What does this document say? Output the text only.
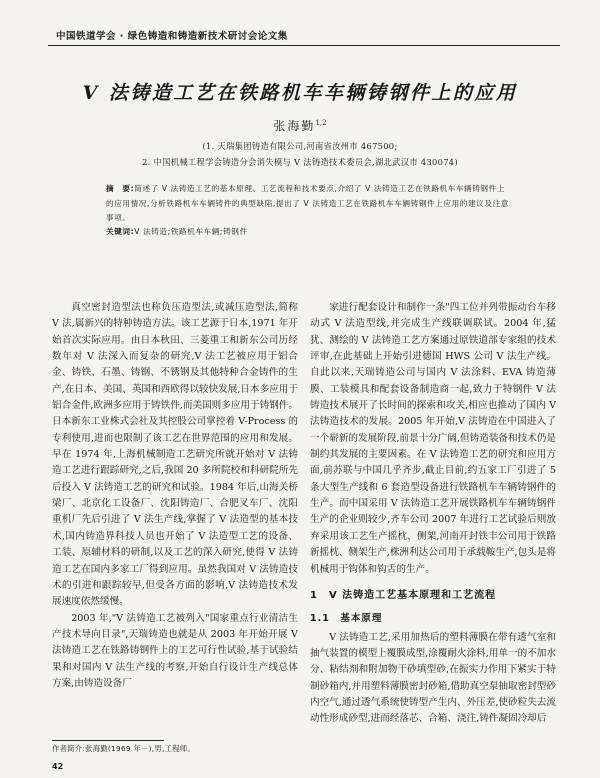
中国铁道学会 · 绿色铸造和铸造新技术研讨会论文集
V 法铸造工艺在铁路机车车辆铸钢件上的应用
张海勤$^{1,2}$
(1. 天瑞集团铸造有限公司,河南省汝州市 467500;
2. 中国机械工程学会铸造分会消失模与 V 法铸造技术委员会,湖北武汉市 430074)
摘　要:简述了 V 法铸造工艺的基本原理、工艺流程和技术要点,介绍了 V 法铸造工艺在铁路机车车辆铸钢件上的应用情况,分析铁路机车车辆铸件的典型缺陷,提出了 V 法铸造工艺在铁路机车车辆铸钢件上应用的建议及注意事项。
关键词:V 法铸造;铁路机车车辆;铸钢件

真空密封造型法也称负压造型法,或减压造型法,简称 V 法,属新兴的特种铸造方法。该工艺源于日本,1971 年开始首次实际应用。由日本秋田、三菱重工和新东公司历经数年对 V 法深入而复杂的研究,V 法工艺被应用于铝合金、铸铁、石墨、铸钢、不锈钢及其他特种合金铸件的生产,在日本、美国、英国和西欧得以较快发展,日本多应用于铝合金件,欧洲多应用于铸铁件,而美国则多应用于铸钢件。日本新东工业株式会社及其控股公司掌控着 V-Process 的专利使用,进而也限制了该工艺在世界范围的应用和发展。早在 1974 年,上海机械制造工艺研究所就开始对 V 法铸造工艺进行跟踪研究,之后,我国 20 多所院校和科研院所先后投入 V 法铸造工艺的研究和试验。1984 年后,山海关桥梁厂、北京化工设备厂、沈阳铸造厂、合肥叉车厂、沈阳重机厂先后引进了 V 法生产线,掌握了 V 法造型的基本技术,国内铸造界科技人员也开始了 V 法造型工艺的设备、工装、原辅材料的研制,以及工艺的深入研究,使得 V 法铸造工艺在国内多家工厂得到应用。虽然我国对 V 法铸造技术的引进和跟踪较早,但受各方面的影响,V 法铸造技术发展速度依然缓慢。

2003 年,"V 法铸造工艺被列入"国家重点行业清洁生产技术导向目录",天瑞铸造也就是从 2003 年开始开展 V 法铸造工艺在铁路铸钢件上的工艺可行性试验,基于试验结果和对国内 V 法生产线的考察,开始自行设计生产线总体方案,由铸造设备厂

家进行配套设计和制作一条"四工位并列带振动台车移动式 V 法造型线,并完成生产线联调联试。2004 年,猛犹、测绘的 V 法铸造工艺方案通过原铁道部专家组的技术评审,在此基础上开始引进德国 HWS 公司 V 法生产线。自此以来,天瑞铸造公司与国内 V 法涂料、EVA 铸造薄膜、工装模具和配套设备制造商一起,致力于特钢件 V 法铸造技术展开了长时间的探索和攻关,相应也推动了国内 V 法铸造技术的发展。2005 年开始,V 法铸造在中国进入了一个崭新的发展阶段,前景十分广阔,但铸造装备和技术仍是制约其发展的主要因素。在 V 法铸造工艺的研究和应用方面,前苏联与中国几乎齐步,截止目前,约五家工厂引进了 5 条大型生产线和 6 套造型设备进行铁路机车车辆铸钢件的生产。而中国采用 V 法铸造工艺开展铁路机车车辆铸钢件生产的企业则较少,齐车公司 2007 年进行工艺试验后则放弃采用该工艺生产摇枕、侧架,河南开封铁丰公司用于铁路新摇枕、侧架生产,株洲利达公司用于承载鞍生产,包头是将机械用于钩体和钩舌的生产。

1　V 法铸造工艺基本原理和工艺流程
1.1　基本原理

V 法铸造工艺,采用加热后的塑料薄膜在带有透气室和抽气装置的模型上覆膜成型,涂覆耐火涂料,用单一的不加水分、粘结剂和附加物干砂填型砂,在振实力作用下紧实于特制砂箱内,并用塑料薄膜密封砂箱,借助真空泵抽取密封型砂内空气,通过透气系统使铸型产生内、外压差,使砂粒失去流动性形成砂型,进而经落芯、合箱、浇注,铸件凝固冷却后

作者简介:张海勤(1969 年－),男,工程师。
42
